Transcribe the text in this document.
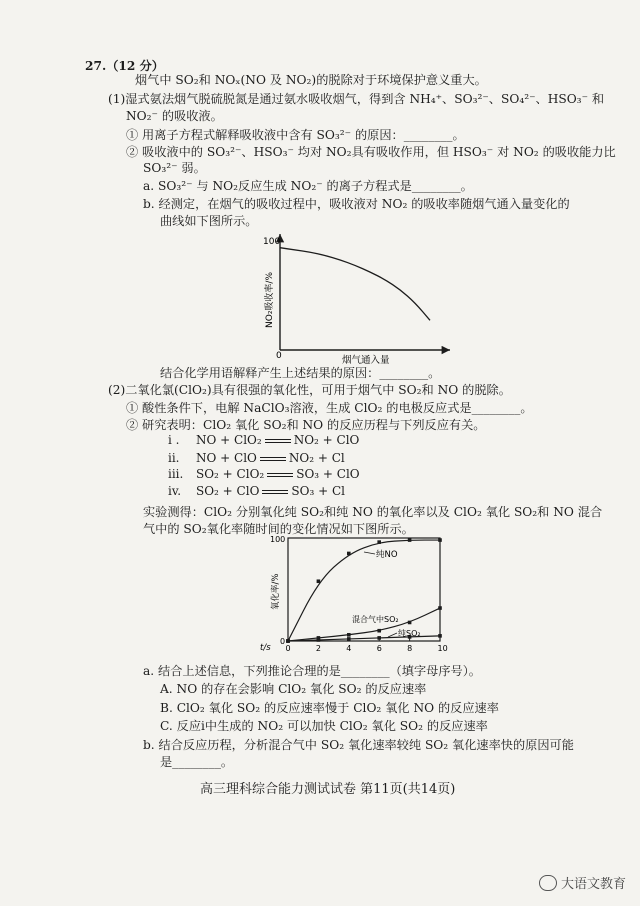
27.（12 分）
烟气中 SO₂和 NOₓ(NO 及 NO₂)的脱除对于环境保护意义重大。
(1)湿式氨法烟气脱硫脱氮是通过氨水吸收烟气，得到含 NH₄⁺、SO₃²⁻、SO₄²⁻、HSO₃⁻ 和
NO₂⁻ 的吸收液。
① 用离子方程式解释吸收液中含有 SO₃²⁻ 的原因：________。
② 吸收液中的 SO₃²⁻、HSO₃⁻ 均对 NO₂具有吸收作用，但 HSO₃⁻ 对 NO₂ 的吸收能力比
SO₃²⁻ 弱。
a. SO₃²⁻ 与 NO₂反应生成 NO₂⁻ 的离子方程式是________。
b. 经测定，在烟气的吸收过程中，吸收液对 NO₂ 的吸收率随烟气通入量变化的
曲线如下图所示。
100
0
NO₂吸收率/%
烟气通入量
结合化学用语解释产生上述结果的原因：________。
(2)二氧化氯(ClO₂)具有很强的氧化性，可用于烟气中 SO₂和 NO 的脱除。
① 酸性条件下，电解 NaClO₃溶液，生成 ClO₂ 的电极反应式是________。
② 研究表明：ClO₂ 氧化 SO₂和 NO 的反应历程与下列反应有关。
i . NO + ClO₂	NO₂ + ClO
ii. NO + ClO	NO₂ + Cl
iii. SO₂ + ClO₂	SO₃ + ClO
iv. SO₂ + ClO	SO₃ + Cl
实验测得：ClO₂ 分别氧化纯 SO₂和纯 NO 的氧化率以及 ClO₂ 氧化 SO₂和 NO 混合
气中的 SO₂氧化率随时间的变化情况如下图所示。
100
0
氧化率/%
t/s 0	2	4	6	8	10
纯NO
混合气中SO₂
纯SO₂
a. 结合上述信息，下列推论合理的是________（填字母序号）。
A. NO 的存在会影响 ClO₂ 氧化 SO₂ 的反应速率
B. ClO₂ 氧化 SO₂ 的反应速率慢于 ClO₂ 氧化 NO 的反应速率
C. 反应ⅰ中生成的 NO₂ 可以加快 ClO₂ 氧化 SO₂ 的反应速率
b. 结合反应历程，分析混合气中 SO₂ 氧化速率较纯 SO₂ 氧化速率快的原因可能
是________。
高三理科综合能力测试试卷 第11页(共14页)
大语文教育
